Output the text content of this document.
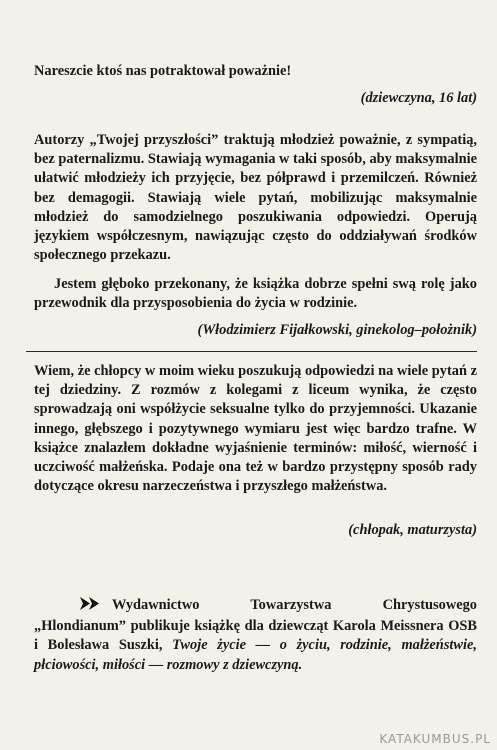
Nareszcie ktoś nas potraktował poważnie!

(dziewczyna, 16 lat)

Autorzy „Twojej przyszłości” traktują młodzież poważnie, z sympatią, bez paternalizmu. Stawiają wymagania w taki sposób, aby maksymalnie ułatwić młodzieży ich przyjęcie, bez półprawd i przemilczeń. Również bez demagogii. Stawiają wiele pytań, mobilizując maksymalnie młodzież do samodzielnego poszukiwania odpowiedzi. Operują językiem współczesnym, nawiązując często do oddziaływań środków społecznego przekazu.

Jestem głęboko przekonany, że książka dobrze spełni swą rolę jako przewodnik dla przysposobienia do życia w rodzinie.

(Włodzimierz Fijałkowski, ginekolog–położnik)

Wiem, że chłopcy w moim wieku poszukują odpowiedzi na wiele pytań z tej dziedziny. Z rozmów z kolegami z liceum wynika, że często sprowadzają oni współżycie seksualne tylko do przyjemności. Ukazanie innego, głębszego i pozytywnego wymiaru jest więc bardzo trafne. W książce znalazłem dokładne wyjaśnienie terminów: miłość, wierność i uczciwość małżeńska. Podaje ona też w bardzo przystępny sposób rady dotyczące okresu narzeczeństwa i przyszłego małżeństwa.

(chłopak, maturzysta)

Wydawnictwo Towarzystwa Chrystusowego „Hlondianum” publikuje książkę dla dziewcząt Karola Meissnera OSB i Bolesława Suszki, Twoje życie — o życiu, rodzinie, małżeństwie, płciowości, miłości — rozmowy z dziewczyną.

KATAKUMBUS.PL
